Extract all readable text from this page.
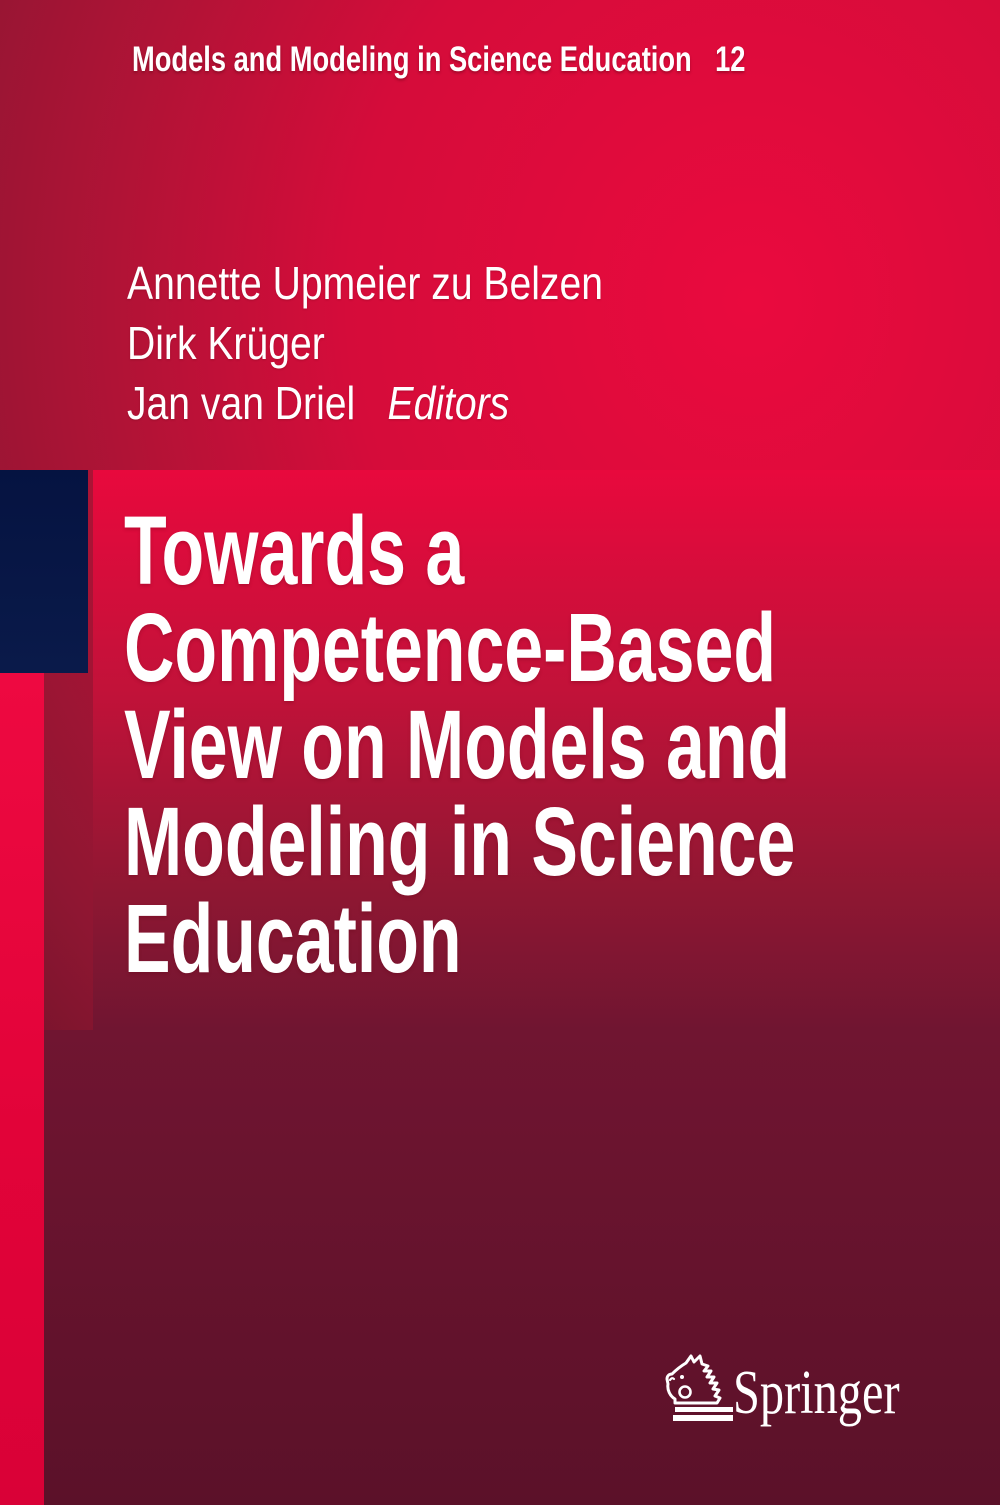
Models and Modeling in Science Education 12
Annette Upmeier zu Belzen
Dirk Krüger
Jan van Driel Editors
Towards a
Competence-Based
View on Models and
Modeling in Science
Education
Springer
